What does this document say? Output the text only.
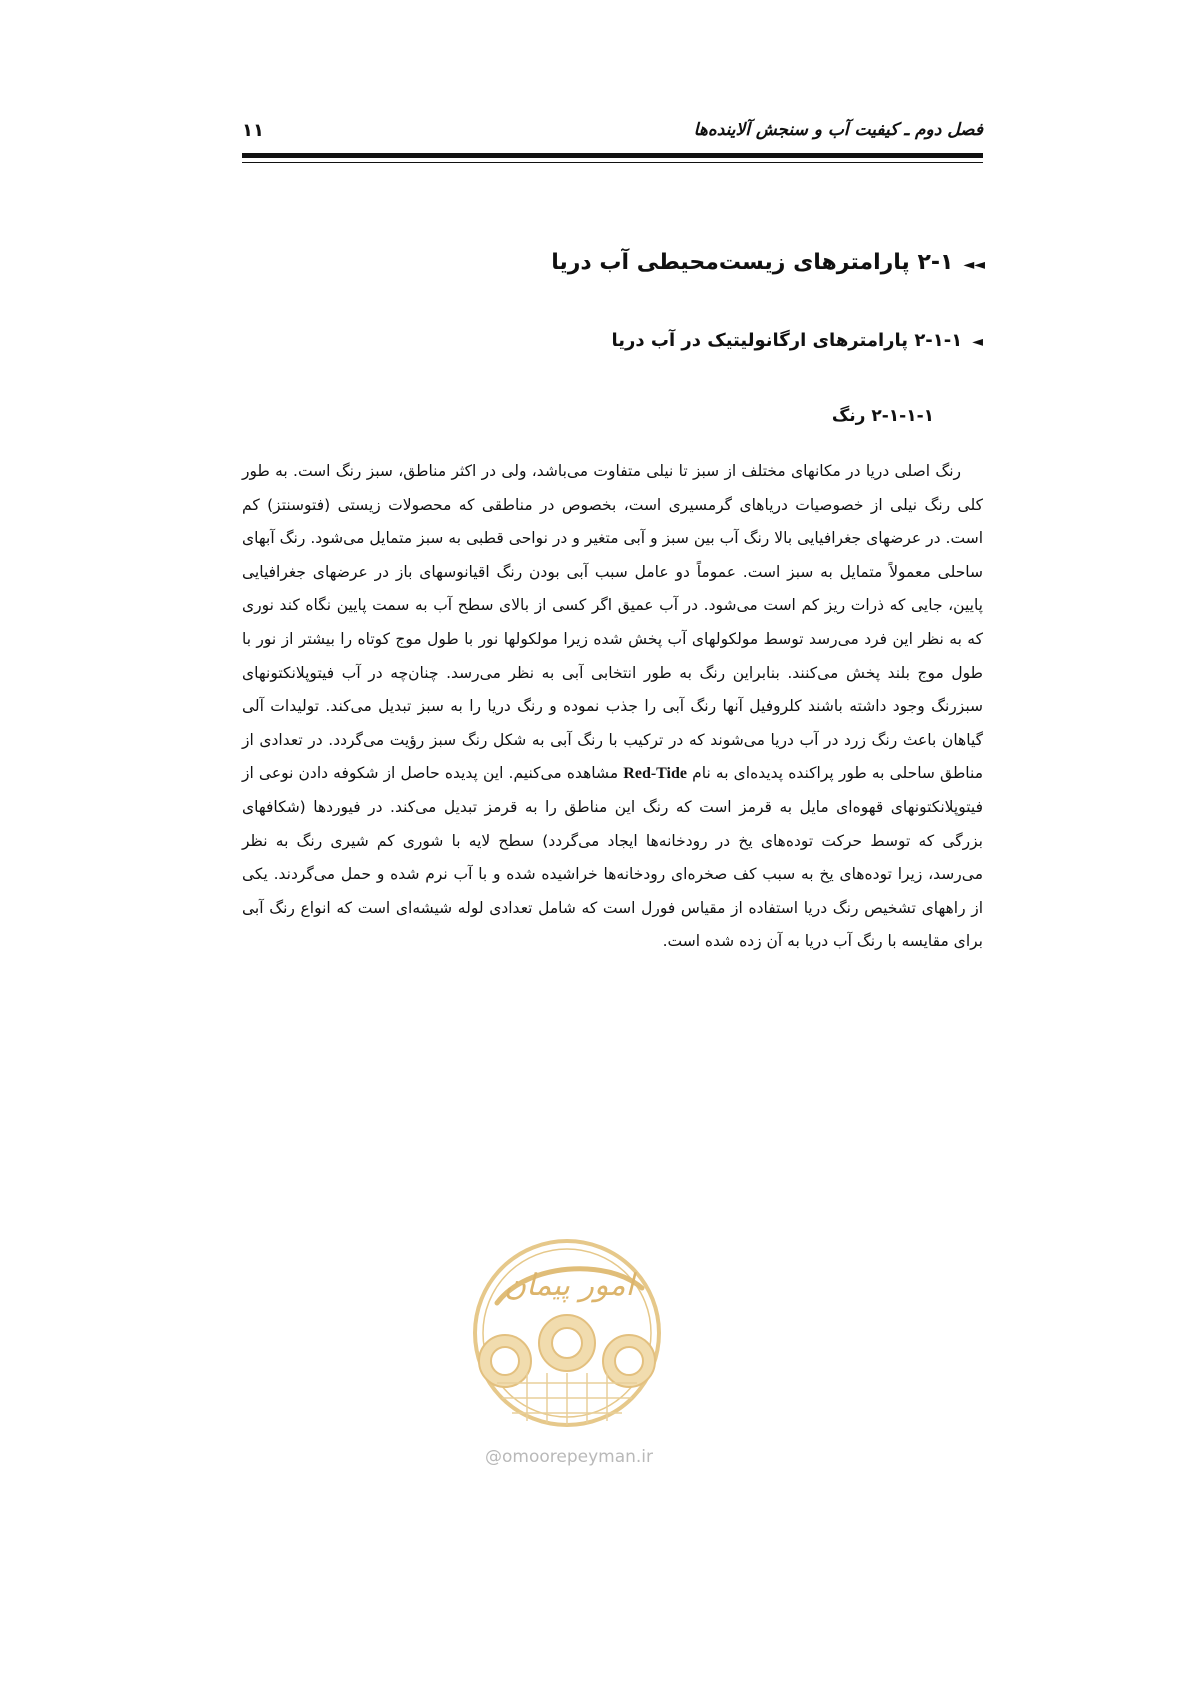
فصل دوم ـ کیفیت آب و سنجش آلاینده‌ها
۱۱
◄◄۲-۱ پارامترهای زیست‌محیطی آب دریا
◄۲-۱-۱ پارامترهای ارگانولیتیک در آب دریا
۲-۱-۱-۱ رنگ

رنگ اصلی دریا در مکانهای مختلف از سبز تا نیلی متفاوت می‌باشد، ولی در اکثر مناطق، سبز رنگ است. به طور کلی رنگ نیلی از خصوصیات دریاهای گرمسیری است، بخصوص در مناطقی که محصولات زیستی (فتوسنتز) کم است. در عرضهای جغرافیایی بالا رنگ آب بین سبز و آبی متغیر و در نواحی قطبی به سبز متمایل می‌شود. رنگ آبهای ساحلی معمولاً متمایل به سبز است. عموماً دو عامل سبب آبی بودن رنگ اقیانوسهای باز در عرضهای جغرافیایی پایین، جایی که ذرات ریز کم است می‌شود. در آب عمیق اگر کسی از بالای سطح آب به سمت پایین نگاه کند نوری که به نظر این فرد می‌رسد توسط مولکولهای آب پخش شده زیرا مولکولها نور با طول موج کوتاه را بیشتر از نور با طول موج بلند پخش می‌کنند. بنابراین رنگ به طور انتخابی آبی به نظر می‌رسد. چنان‌چه در آب فیتوپلانکتونهای سبزرنگ وجود داشته باشند کلروفیل آنها رنگ آبی را جذب نموده و رنگ دریا را به سبز تبدیل می‌کند. تولیدات آلی گیاهان باعث رنگ زرد در آب دریا می‌شوند که در ترکیب با رنگ آبی به شکل رنگ سبز رؤیت می‌گردد. در تعدادی از مناطق ساحلی به طور پراکنده پدیده‌ای به نام Red-Tide مشاهده می‌کنیم. این پدیده حاصل از شکوفه دادن نوعی از فیتوپلانکتونهای قهوه‌ای مایل به قرمز است که رنگ این مناطق را به قرمز تبدیل می‌کند. در فیوردها (شکافهای بزرگی که توسط حرکت توده‌های یخ در رودخانه‌ها ایجاد می‌گردد) سطح لایه با شوری کم شیری رنگ به نظر می‌رسد، زیرا توده‌های یخ به سبب کف صخره‌ای رودخانه‌ها خراشیده شده و با آب نرم شده و حمل می‌گردند. یکی از راههای تشخیص رنگ دریا استفاده از مقیاس فورل است که شامل تعدادی لوله شیشه‌ای است که انواع رنگ آبی برای مقایسه با رنگ آب دریا به آن زده شده است.

امور پیمان
@omoorepeyman.ir
